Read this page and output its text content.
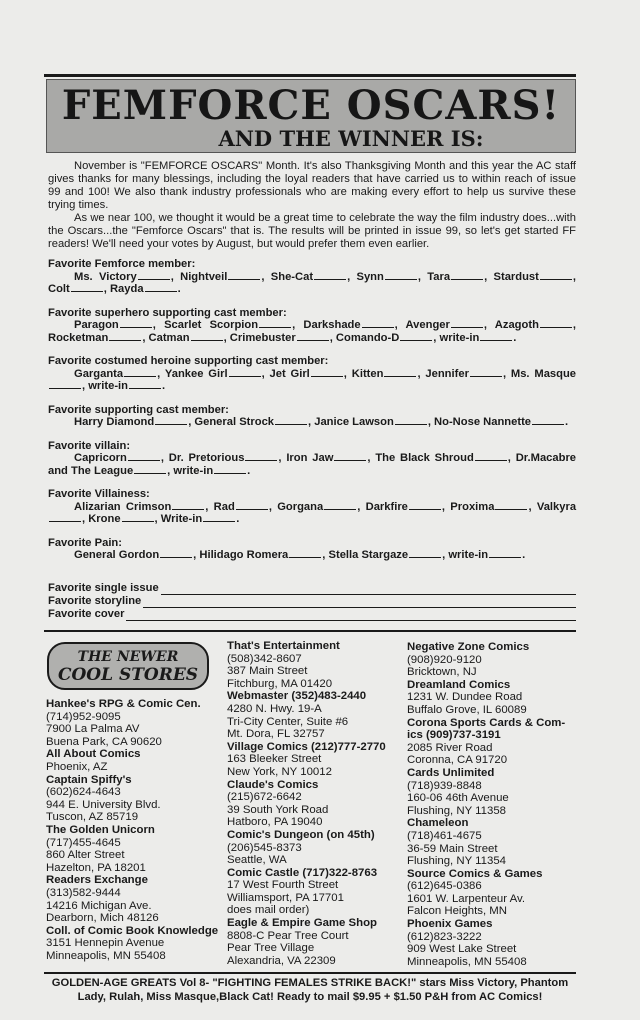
FEMFORCE OSCARS!
AND THE WINNER IS:

November is "FEMFORCE OSCARS" Month. It's also Thanksgiving Month and this year the AC staff gives thanks for many blessings, including the loyal readers that have carried us to within reach of issue 99 and 100! We also thank industry professionals who are making every effort to help us survive these trying times.

As we near 100, we thought it would be a great time to celebrate the way the film industry does...with the Oscars...the "Femforce Oscars" that is. The results will be printed in issue 99, so let's get started FF readers! We'll need your votes by August, but would prefer them even earlier.

Favorite Femforce member:
Ms. Victory	, Nightveil	, She-Cat	, Synn	, Tara	, Stardust	, Colt	, Rayda	.
Favorite superhero supporting cast member:
Paragon	, Scarlet Scorpion	, Darkshade	, Avenger	, Azagoth	, Rocketman	, Catman	, Crimebuster	, Comando-D	, write-in	.
Favorite costumed heroine supporting cast member:
Garganta	, Yankee Girl	, Jet Girl	, Kitten	, Jennifer	, Ms. Masque, write-in	.
Favorite supporting cast member:
Harry Diamond	, General Strock	, Janice Lawson	, No-Nose Nannette	.
Favorite villain:
Capricorn	, Dr. Pretorious	, Iron Jaw	, The Black Shroud	, Dr.Macabre and The League	, write-in	.
Favorite Villainess:
Alizarian Crimson	, Rad	, Gorgana	, Darkfire	, Proxima	, Valkyra, Krone	, Write-in	.
Favorite Pain:
General Gordon	, Hilidago Romera	, Stella Stargaze	, write-in	.
Favorite single issue
Favorite storyline
Favorite cover
THE NEWER
COOL STORES
Hankee's RPG & Comic Cen.
(714)952-9095
7900 La Palma AV
Buena Park, CA 90620
All About Comics
Phoenix, AZ
Captain Spiffy's
(602)624-4643
944 E. University Blvd.
Tuscon, AZ 85719
The Golden Unicorn
(717)455-4645
860 Alter Street
Hazelton, PA 18201
Readers Exchange
(313)582-9444
14216 Michigan Ave.
Dearborn, Mich 48126
Coll. of Comic Book Knowledge
3151 Hennepin Avenue
Minneapolis, MN 55408
That's Entertainment
(508)342-8607
387 Main Street
Fitchburg, MA 01420
Webmaster (352)483-2440
4280 N. Hwy. 19-A
Tri-City Center, Suite #6
Mt. Dora, FL 32757
Village Comics (212)777-2770
163 Bleeker Street
New York, NY 10012
Claude's Comics
(215)672-6642
39 South York Road
Hatboro, PA 19040
Comic's Dungeon (on 45th)
(206)545-8373
Seattle, WA
Comic Castle (717)322-8763
17 West Fourth Street
Williamsport, PA 17701
does mail order)
Eagle & Empire Game Shop
8808-C Pear Tree Court
Pear Tree Village
Alexandria, VA 22309
Negative Zone Comics
(908)920-9120
Bricktown, NJ
Dreamland Comics
1231 W. Dundee Road
Buffalo Grove, IL 60089
Corona Sports Cards & Com-
ics (909)737-3191
2085 River Road
Coronna, CA 91720
Cards Unlimited
(718)939-8848
160-06 46th Avenue
Flushing, NY 11358
Chameleon
(718)461-4675
36-59 Main Street
Flushing, NY 11354
Source Comics & Games
(612)645-0386
1601 W. Larpenteur Av.
Falcon Heights, MN
Phoenix Games
(612)823-3222
909 West Lake Street
Minneapolis, MN 55408
GOLDEN-AGE GREATS Vol 8- "FIGHTING FEMALES STRIKE BACK!" stars Miss Victory, Phantom
Lady, Rulah, Miss Masque,Black Cat! Ready to mail $9.95 + $1.50 P&H from AC Comics!
